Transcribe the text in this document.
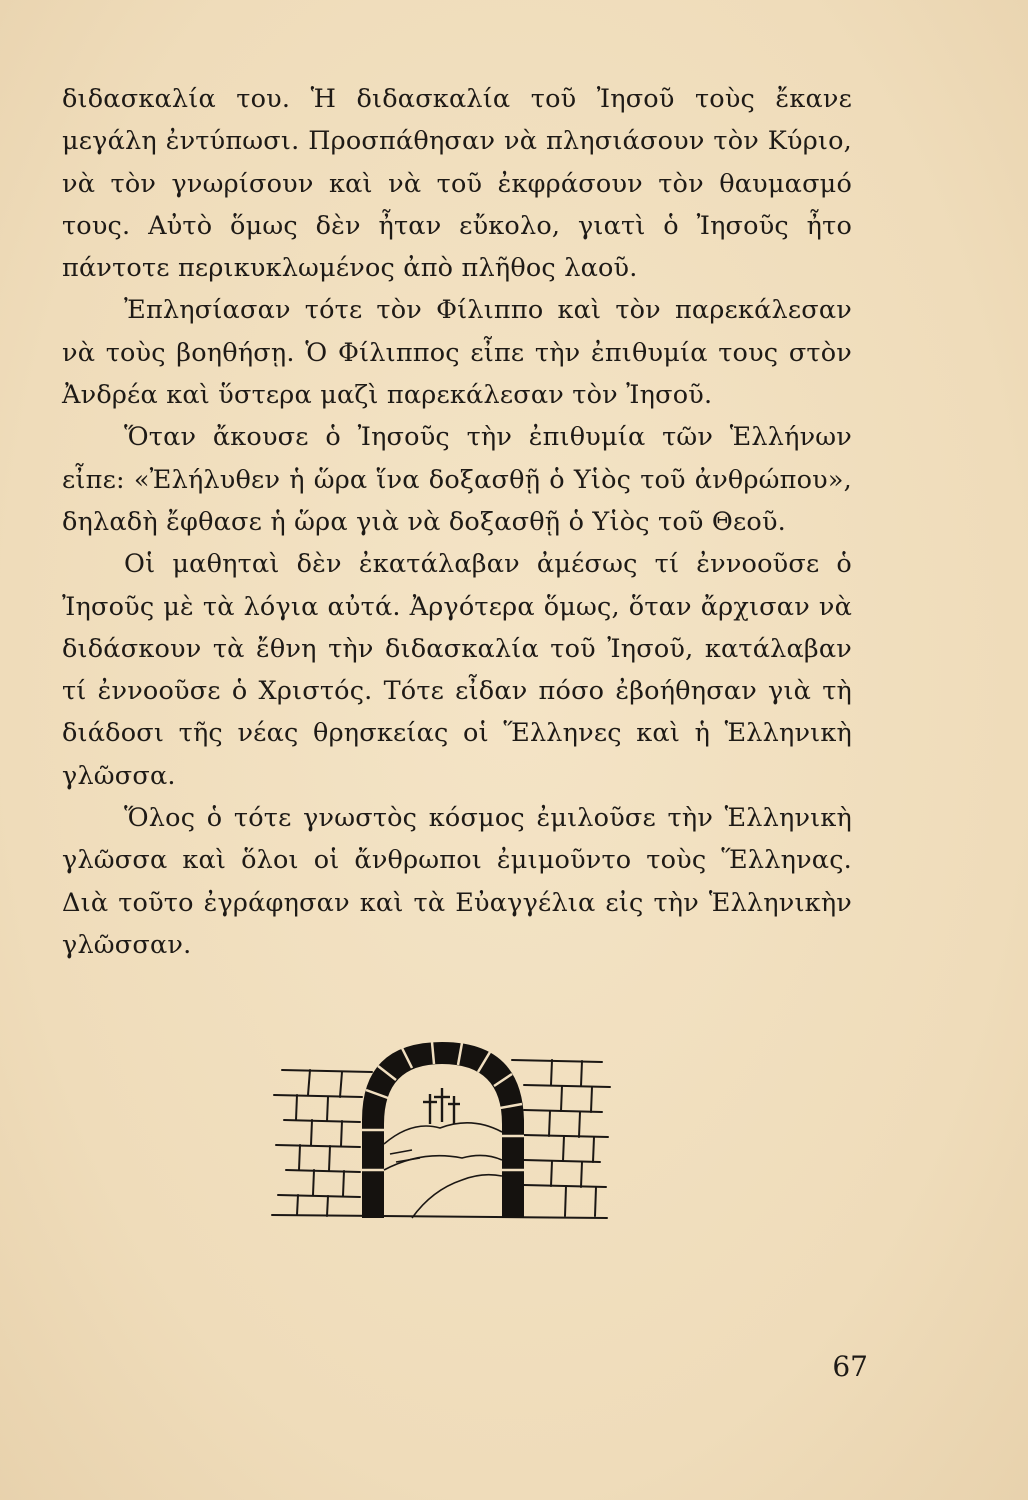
διδασκαλία του. Ἡ διδασκαλία τοῦ Ἰησοῦ τοὺς ἔκανε μεγάλη ἐντύπωσι. Προσπάθησαν νὰ πλησιάσουν τὸν Κύριο, νὰ τὸν γνωρίσουν καὶ νὰ τοῦ ἐκφράσουν τὸν θαυμασμό τους. Αὐτὸ ὅμως δὲν ἦταν εὔκολο, γιατὶ ὁ Ἰησοῦς ἦτο πάντοτε περικυκλωμένος ἀπὸ πλῆθος λαοῦ.

Ἐπλησίασαν τότε τὸν Φίλιππο καὶ τὸν παρεκάλεσαν νὰ τοὺς βοηθήσῃ. Ὁ Φίλιππος εἶπε τὴν ἐπιθυμία τους στὸν Ἀνδρέα καὶ ὕστερα μαζὶ παρεκάλεσαν τὸν Ἰησοῦ.

Ὅταν ἄκουσε ὁ Ἰησοῦς τὴν ἐπιθυμία τῶν Ἑλλήνων εἶπε: «Ἐλήλυθεν ἡ ὥρα ἵνα δοξασθῇ ὁ Υἱὸς τοῦ ἀνθρώπου», δηλαδὴ ἔφθασε ἡ ὥρα γιὰ νὰ δοξασθῇ ὁ Υἱὸς τοῦ Θεοῦ.

Οἱ μαθηταὶ δὲν ἐκατάλαβαν ἀμέσως τί ἐννοοῦσε ὁ Ἰησοῦς μὲ τὰ λόγια αὐτά. Ἀργότερα ὅμως, ὅταν ἄρχισαν νὰ διδάσκουν τὰ ἔθνη τὴν διδασκαλία τοῦ Ἰησοῦ, κατάλαβαν τί ἐννοοῦσε ὁ Χριστός. Τότε εἶδαν πόσο ἐβοήθησαν γιὰ τὴ διάδοσι τῆς νέας θρησκείας οἱ Ἕλληνες καὶ ἡ Ἑλληνικὴ γλῶσσα.

Ὅλος ὁ τότε γνωστὸς κόσμος ἐμιλοῦσε τὴν Ἑλληνικὴ γλῶσσα καὶ ὅλοι οἱ ἄνθρωποι ἐμιμοῦντο τοὺς Ἕλληνας. Διὰ τοῦτο ἐγράφησαν καὶ τὰ Εὐαγγέλια εἰς τὴν Ἑλληνικὴν γλῶσσαν.

67
